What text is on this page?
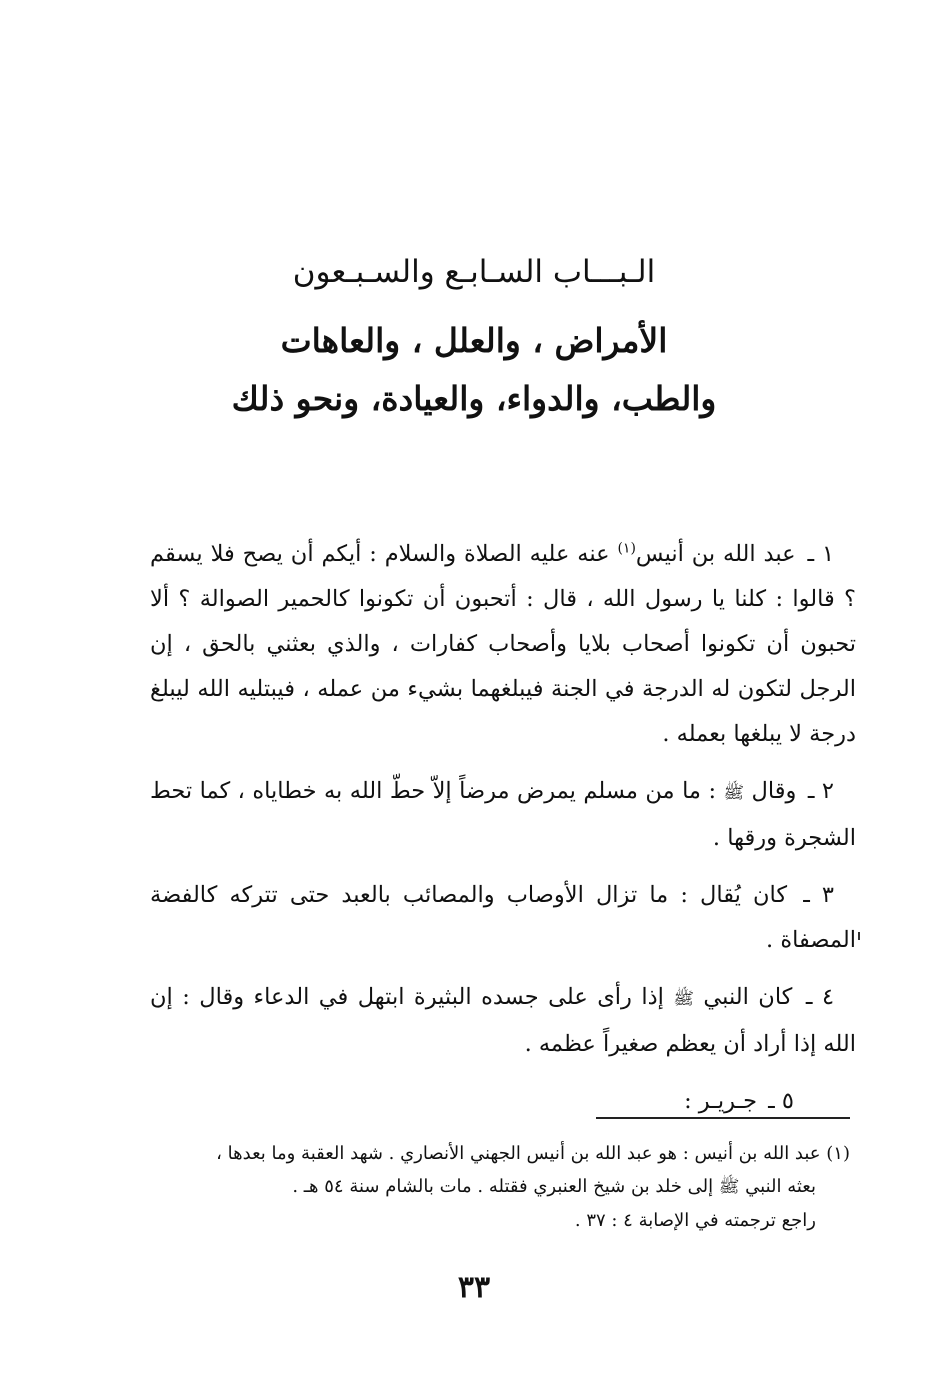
الـبـــاب السـابـع والسـبـعون
الأمراض ، والعلل ، والعاهات
والطب، والدواء، والعيادة، ونحو ذلك

١ ـ عبد الله بن أنيس$^{(١)}$ عنه عليه الصلاة والسلام : أيكم أن يصح فلا يسقم ؟ قالوا : كلنا يا رسول الله ، قال : أتحبون أن تكونوا كالحمير الصوالة ؟ ألا تحبون أن تكونوا أصحاب بلايا وأصحاب كفارات ، والذي بعثني بالحق ، إن الرجل لتكون له الدرجة في الجنة فيبلغهما بشيء من عمله ، فيبتليه الله ليبلغ درجة لا يبلغها بعمله .

٢ ـ وقال ﷺ : ما من مسلم يمرض مرضاً إلاّ حطّ الله به خطاياه ، كما تحط الشجرة ورقها .

٣ ـ كان يُقال : ما تزال الأوصاب والمصائب بالعبد حتى تتركه كالفضة المصفاة .

٤ ـ كان النبي ﷺ إذا رأى على جسده البثيرة ابتهل في الدعاء وقال : إن الله إذا أراد أن يعظم صغيراً عظمه .

٥ ـ جـريـر :

(١) عبد الله بن أنيس : هو عبد الله بن أنيس الجهني الأنصاري . شهد العقبة وما بعدها ،

بعثه النبي ﷺ إلى خلد بن شيخ العنبري فقتله . مات بالشام سنة ٥٤ هـ .

راجع ترجمته في الإصابة ٤ : ٣٧ .

٣٣
